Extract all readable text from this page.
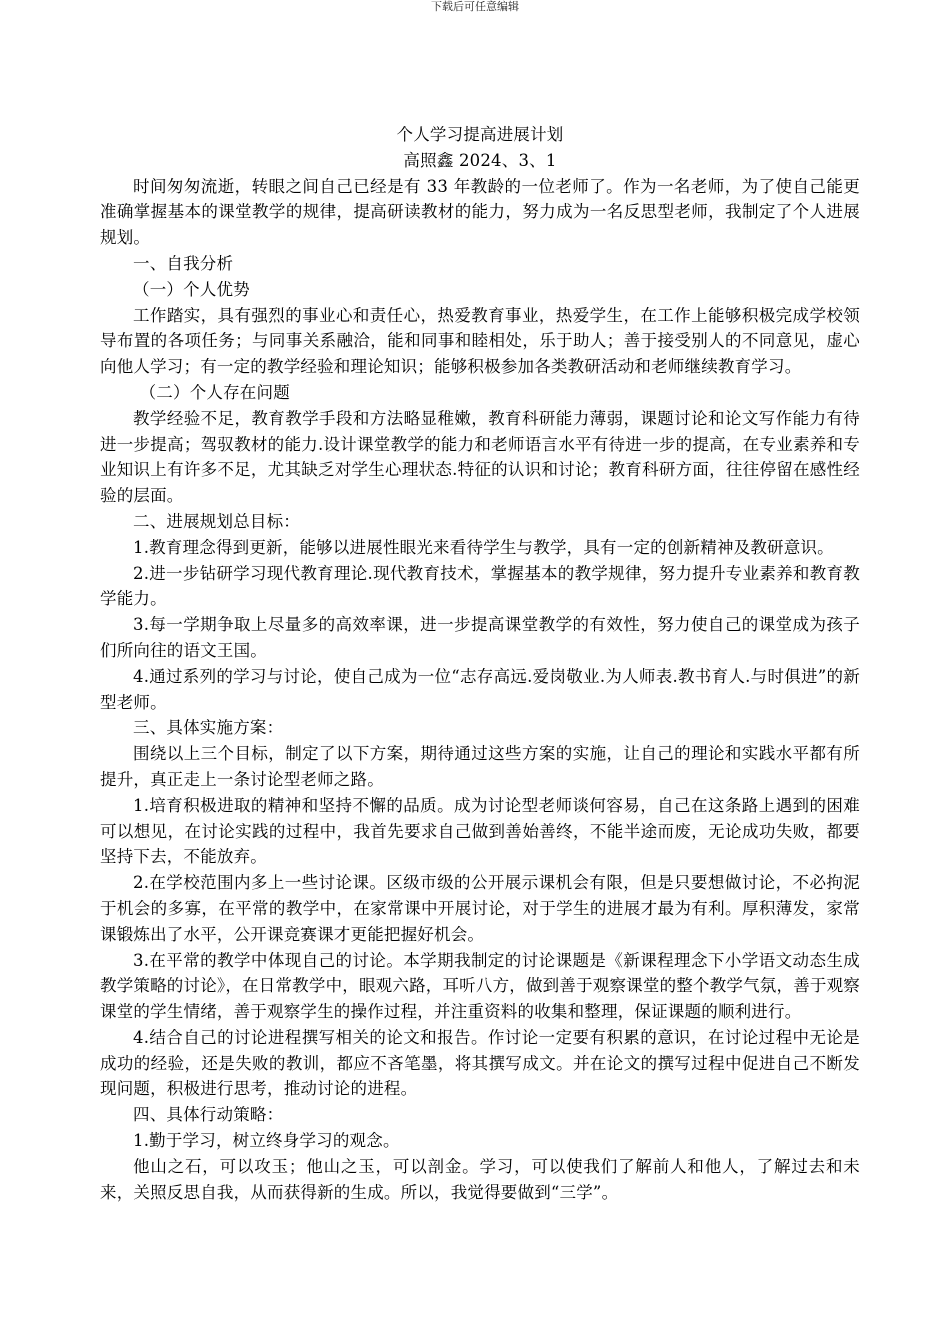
下载后可任意编辑
个人学习提高进展计划
高照鑫 2024、3、1
时间匆匆流逝，转眼之间自己已经是有 33 年教龄的一位老师了。作为一名老师，为了使自己能更准确掌握基本的课堂教学的规律，提高研读教材的能力，努力成为一名反思型老师，我制定了个人进展规划。
一、自我分析
（一）个人优势
工作踏实，具有强烈的事业心和责任心，热爱教育事业，热爱学生，在工作上能够积极完成学校领导布置的各项任务；与同事关系融洽，能和同事和睦相处，乐于助人；善于接受别人的不同意见，虚心向他人学习；有一定的教学经验和理论知识；能够积极参加各类教研活动和老师继续教育学习。
（二）个人存在问题
教学经验不足，教育教学手段和方法略显稚嫩，教育科研能力薄弱，课题讨论和论文写作能力有待进一步提高；驾驭教材的能力.设计课堂教学的能力和老师语言水平有待进一步的提高，在专业素养和专业知识上有许多不足，尤其缺乏对学生心理状态.特征的认识和讨论；教育科研方面，往往停留在感性经验的层面。
二、进展规划总目标：
1.教育理念得到更新，能够以进展性眼光来看待学生与教学，具有一定的创新精神及教研意识。
2.进一步钻研学习现代教育理论.现代教育技术，掌握基本的教学规律，努力提升专业素养和教育教学能力。
3.每一学期争取上尽量多的高效率课，进一步提高课堂教学的有效性，努力使自己的课堂成为孩子们所向往的语文王国。
4.通过系列的学习与讨论，使自己成为一位“志存高远.爱岗敬业.为人师表.教书育人.与时俱进”的新型老师。
三、具体实施方案：
围绕以上三个目标，制定了以下方案，期待通过这些方案的实施，让自己的理论和实践水平都有所提升，真正走上一条讨论型老师之路。
1.培育积极进取的精神和坚持不懈的品质。成为讨论型老师谈何容易，自己在这条路上遇到的困难可以想见，在讨论实践的过程中，我首先要求自己做到善始善终，不能半途而废，无论成功失败，都要坚持下去，不能放弃。
2.在学校范围内多上一些讨论课。区级市级的公开展示课机会有限，但是只要想做讨论，不必拘泥于机会的多寡，在平常的教学中，在家常课中开展讨论，对于学生的进展才最为有利。厚积薄发，家常课锻炼出了水平，公开课竞赛课才更能把握好机会。
3.在平常的教学中体现自己的讨论。本学期我制定的讨论课题是《新课程理念下小学语文动态生成教学策略的讨论》，在日常教学中，眼观六路，耳听八方，做到善于观察课堂的整个教学气氛，善于观察课堂的学生情绪，善于观察学生的操作过程，并注重资料的收集和整理，保证课题的顺利进行。
4.结合自己的讨论进程撰写相关的论文和报告。作讨论一定要有积累的意识，在讨论过程中无论是成功的经验，还是失败的教训，都应不吝笔墨，将其撰写成文。并在论文的撰写过程中促进自己不断发现问题，积极进行思考，推动讨论的进程。
四、具体行动策略：
1.勤于学习，树立终身学习的观念。
他山之石，可以攻玉；他山之玉，可以剖金。学习，可以使我们了解前人和他人，了解过去和未来，关照反思自我，从而获得新的生成。所以，我觉得要做到“三学”。
